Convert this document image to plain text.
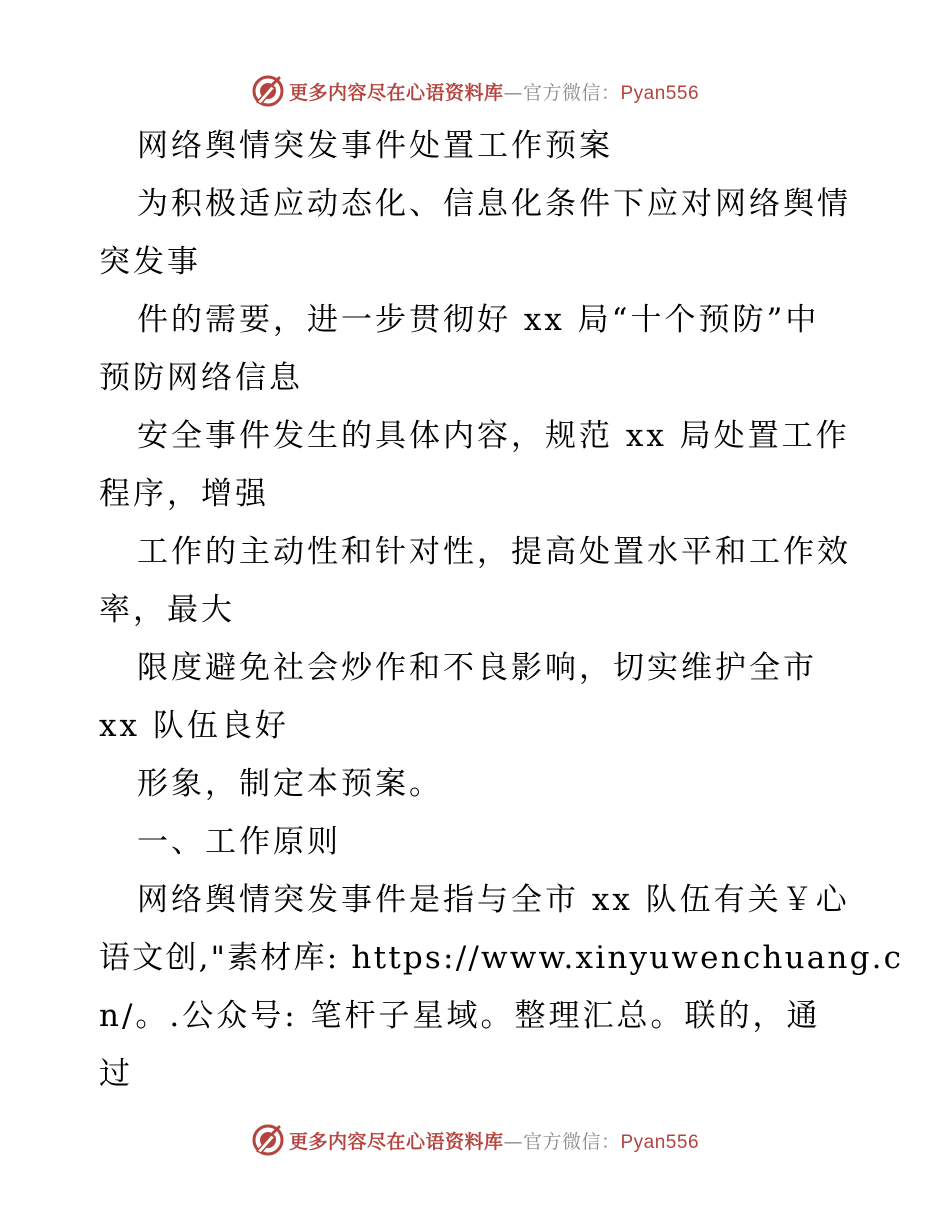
更多内容尽在心语资料库—官方微信：Pyan556
网络舆情突发事件处置工作预案
为积极适应动态化、信息化条件下应对网络舆情
突发事
件的需要，进一步贯彻好 xx 局“十个预防”中
预防网络信息
安全事件发生的具体内容，规范 xx 局处置工作
程序，增强
工作的主动性和针对性，提高处置水平和工作效
率，最大
限度避免社会炒作和不良影响，切实维护全市
xx 队伍良好
形象，制定本预案。
一、工作原则
网络舆情突发事件是指与全市 xx 队伍有关￥心
语文创,"素材库: https://www.xinyuwenchuang.c
n/。.公众号: 笔杆子星域。整理汇总。联的，通
过
更多内容尽在心语资料库—官方微信：Pyan556
